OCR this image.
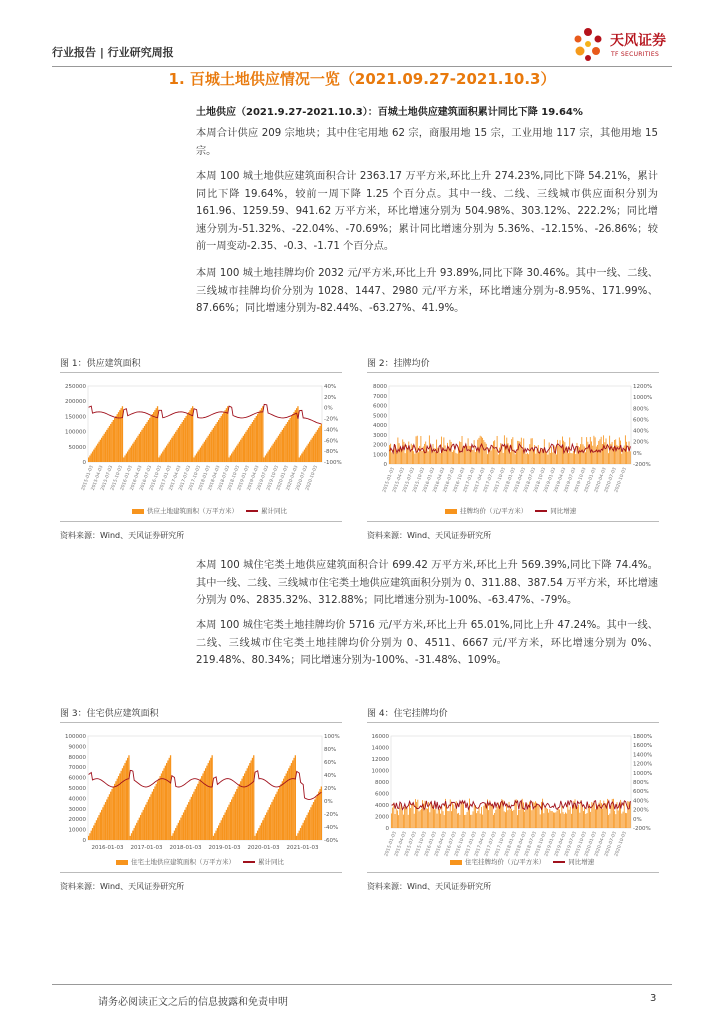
行业报告 | 行业研究周报
天风证券
TF SECURITIES
1. 百城土地供应情况一览（2021.09.27-2021.10.3）
土地供应（2021.9.27-2021.10.3）：百城土地供应建筑面积累计同比下降 19.64%
本周合计供应 209 宗地块；其中住宅用地 62 宗，商服用地 15 宗，工业用地 117 宗，其他用地 15 宗。
本周 100 城土地供应建筑面积合计 2363.17 万平方米,环比上升 274.23%,同比下降 54.21%，累计同比下降 19.64%，较前一周下降 1.25 个百分点。其中一线、二线、三线城市供应面积分别为 161.96、1259.59、941.62 万平方米，环比增速分别为 504.98%、303.12%、222.2%；同比增速分别为-51.32%、-22.04%、-70.69%；累计同比增速分别为 5.36%、-12.15%、-26.86%；较前一周变动-2.35、-0.3、-1.71 个百分点。
本周 100 城土地挂牌均价 2032 元/平方米,环比上升 93.89%,同比下降 30.46%。其中一线、二线、三线城市挂牌均价分别为 1028、1447、2980 元/平方米，环比增速分别为-8.95%、171.99%、87.66%；同比增速分别为-82.44%、-63.27%、41.9%。
图 1：供应建筑面积
250000
200000
150000
100000
50000
0
40%
20%
0%
-20%
-40%
-60%
-80%
-100%
2015-01-03
2015-04-03
2015-07-03
2015-10-03
2016-01-03
2016-04-03
2016-07-03
2016-10-03
2017-01-03
2017-04-03
2017-07-03
2017-10-03
2018-01-03
2018-04-03
2018-07-03
2018-10-03
2019-01-03
2019-04-03
2019-07-03
2019-10-03
2020-01-03
2020-04-03
2020-07-03
2020-10-03
供应土地建筑面积（万平方米）	累计同比
资料来源：Wind、天风证券研究所
图 2：挂牌均价
8000
7000
6000
5000
4000
3000
2000
1000
0
1200%
1000%
800%
600%
400%
200%
0%
-200%
2015-01-03
2015-04-03
2015-07-03
2015-10-03
2016-01-03
2016-04-03
2016-07-03
2016-10-03
2017-01-03
2017-04-03
2017-07-03
2017-10-03
2018-01-03
2018-04-03
2018-07-03
2018-10-03
2019-01-03
2019-04-03
2019-07-03
2019-10-03
2020-01-03
2020-04-03
2020-07-03
2020-10-03
挂牌均价（元/平方米）	同比增速
资料来源：Wind、天风证券研究所
本周 100 城住宅类土地供应建筑面积合计 699.42 万平方米,环比上升 569.39%,同比下降 74.4%。其中一线、二线、三线城市住宅类土地供应建筑面积分别为 0、311.88、387.54 万平方米，环比增速分别为 0%、2835.32%、312.88%；同比增速分别为-100%、-63.47%、-79%。
本周 100 城住宅类土地挂牌均价 5716 元/平方米,环比上升 65.01%,同比上升 47.24%。其中一线、二线、三线城市住宅类土地挂牌均价分别为 0、4511、6667 元/平方米，环比增速分别为 0%、219.48%、80.34%；同比增速分别为-100%、-31.48%、109%。
图 3：住宅供应建筑面积
100000
90000
80000
70000
60000
50000
40000
30000
20000
10000
0
100%
80%
60%
40%
20%
0%
-20%
-40%
-60%
2016-01-03 2017-01-03 2018-01-03 2019-01-03 2020-01-03 2021-01-03
住宅土地供应建筑面积（万平方米）	累计同比
资料来源：Wind、天风证券研究所
图 4：住宅挂牌均价
16000
14000
12000
10000
8000
6000
4000
2000
0
1800%
1600%
1400%
1200%
1000%
800%
600%
400%
200%
0%
-200%
2015-01-03
2015-04-03
2015-07-03
2015-10-03
2016-01-03
2016-04-03
2016-07-03
2016-10-03
2017-01-03
2017-04-03
2017-07-03
2017-10-03
2018-01-03
2018-04-03
2018-07-03
2018-10-03
2019-01-03
2019-04-03
2019-07-03
2019-10-03
2020-01-03
2020-04-03
2020-07-03
2020-10-03
住宅挂牌均价（元/平方米）	同比增速
资料来源：Wind、天风证券研究所
请务必阅读正文之后的信息披露和免责申明	3
